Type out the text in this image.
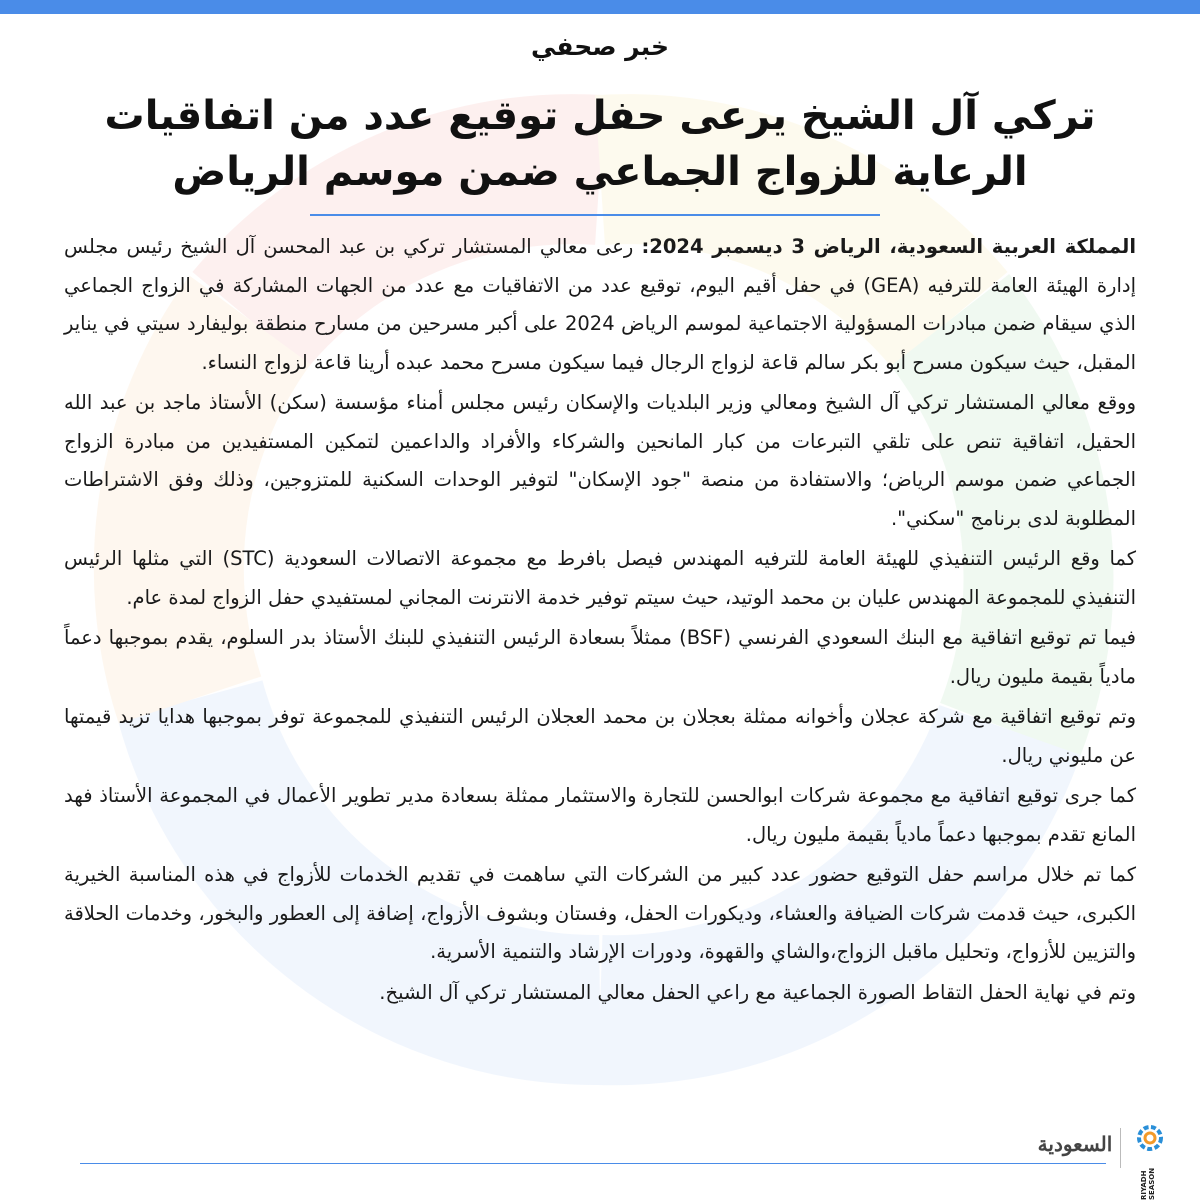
خبر صحفي
تركي آل الشيخ يرعى حفل توقيع عدد من اتفاقيات الرعاية للزواج الجماعي ضمن موسم الرياض

المملكة العربية السعودية، الرياض 3 ديسمبر 2024: رعى معالي المستشار تركي بن عبد المحسن آل الشيخ رئيس مجلس إدارة الهيئة العامة للترفيه (GEA) في حفل أقيم اليوم، توقيع عدد من الاتفاقيات مع عدد من الجهات المشاركة في الزواج الجماعي الذي سيقام ضمن مبادرات المسؤولية الاجتماعية لموسم الرياض 2024 على أكبر مسرحين من مسارح منطقة بوليفارد سيتي في يناير المقبل، حيث سيكون مسرح أبو بكر سالم قاعة لزواج الرجال فيما سيكون مسرح محمد عبده أرينا قاعة لزواج النساء.

ووقع معالي المستشار تركي آل الشيخ ومعالي وزير البلديات والإسكان رئيس مجلس أمناء مؤسسة (سكن) الأستاذ ماجد بن عبد الله الحقيل، اتفاقية تنص على تلقي التبرعات من كبار المانحين والشركاء والأفراد والداعمين لتمكين المستفيدين من مبادرة الزواج الجماعي ضمن موسم الرياض؛ والاستفادة من منصة "جود الإسكان" لتوفير الوحدات السكنية للمتزوجين، وذلك وفق الاشتراطات المطلوبة لدى برنامج "سكني".

كما وقع الرئيس التنفيذي للهيئة العامة للترفيه المهندس فيصل بافرط مع مجموعة الاتصالات السعودية (STC) التي مثلها الرئيس التنفيذي للمجموعة المهندس عليان بن محمد الوتيد، حيث سيتم توفير خدمة الانترنت المجاني لمستفيدي حفل الزواج لمدة عام.

فيما تم توقيع اتفاقية مع البنك السعودي الفرنسي (BSF) ممثلاً بسعادة الرئيس التنفيذي للبنك الأستاذ بدر السلوم، يقدم بموجبها دعماً مادياً بقيمة مليون ريال.

وتم توقيع اتفاقية مع شركة عجلان وأخوانه ممثلة بعجلان بن محمد العجلان الرئيس التنفيذي للمجموعة توفر بموجبها هدايا تزيد قيمتها عن مليوني ريال.

كما جرى توقيع اتفاقية مع مجموعة شركات ابوالحسن للتجارة والاستثمار ممثلة بسعادة مدير تطوير الأعمال في المجموعة الأستاذ فهد المانع تقدم بموجبها دعماً مادياً بقيمة مليون ريال.

كما تم خلال مراسم حفل التوقيع حضور عدد كبير من الشركات التي ساهمت في تقديم الخدمات للأزواج في هذه المناسبة الخيرية الكبرى، حيث قدمت شركات الضيافة والعشاء، وديكورات الحفل، وفستان وبشوف الأزواج، إضافة إلى العطور والبخور، وخدمات الحلاقة والتزيين للأزواج، وتحليل ماقبل الزواج،والشاي والقهوة، ودورات الإرشاد والتنمية الأسرية.

وتم في نهاية الحفل التقاط الصورة الجماعية مع راعي الحفل معالي المستشار تركي آل الشيخ.

السعودية
RIYADH SEASON
